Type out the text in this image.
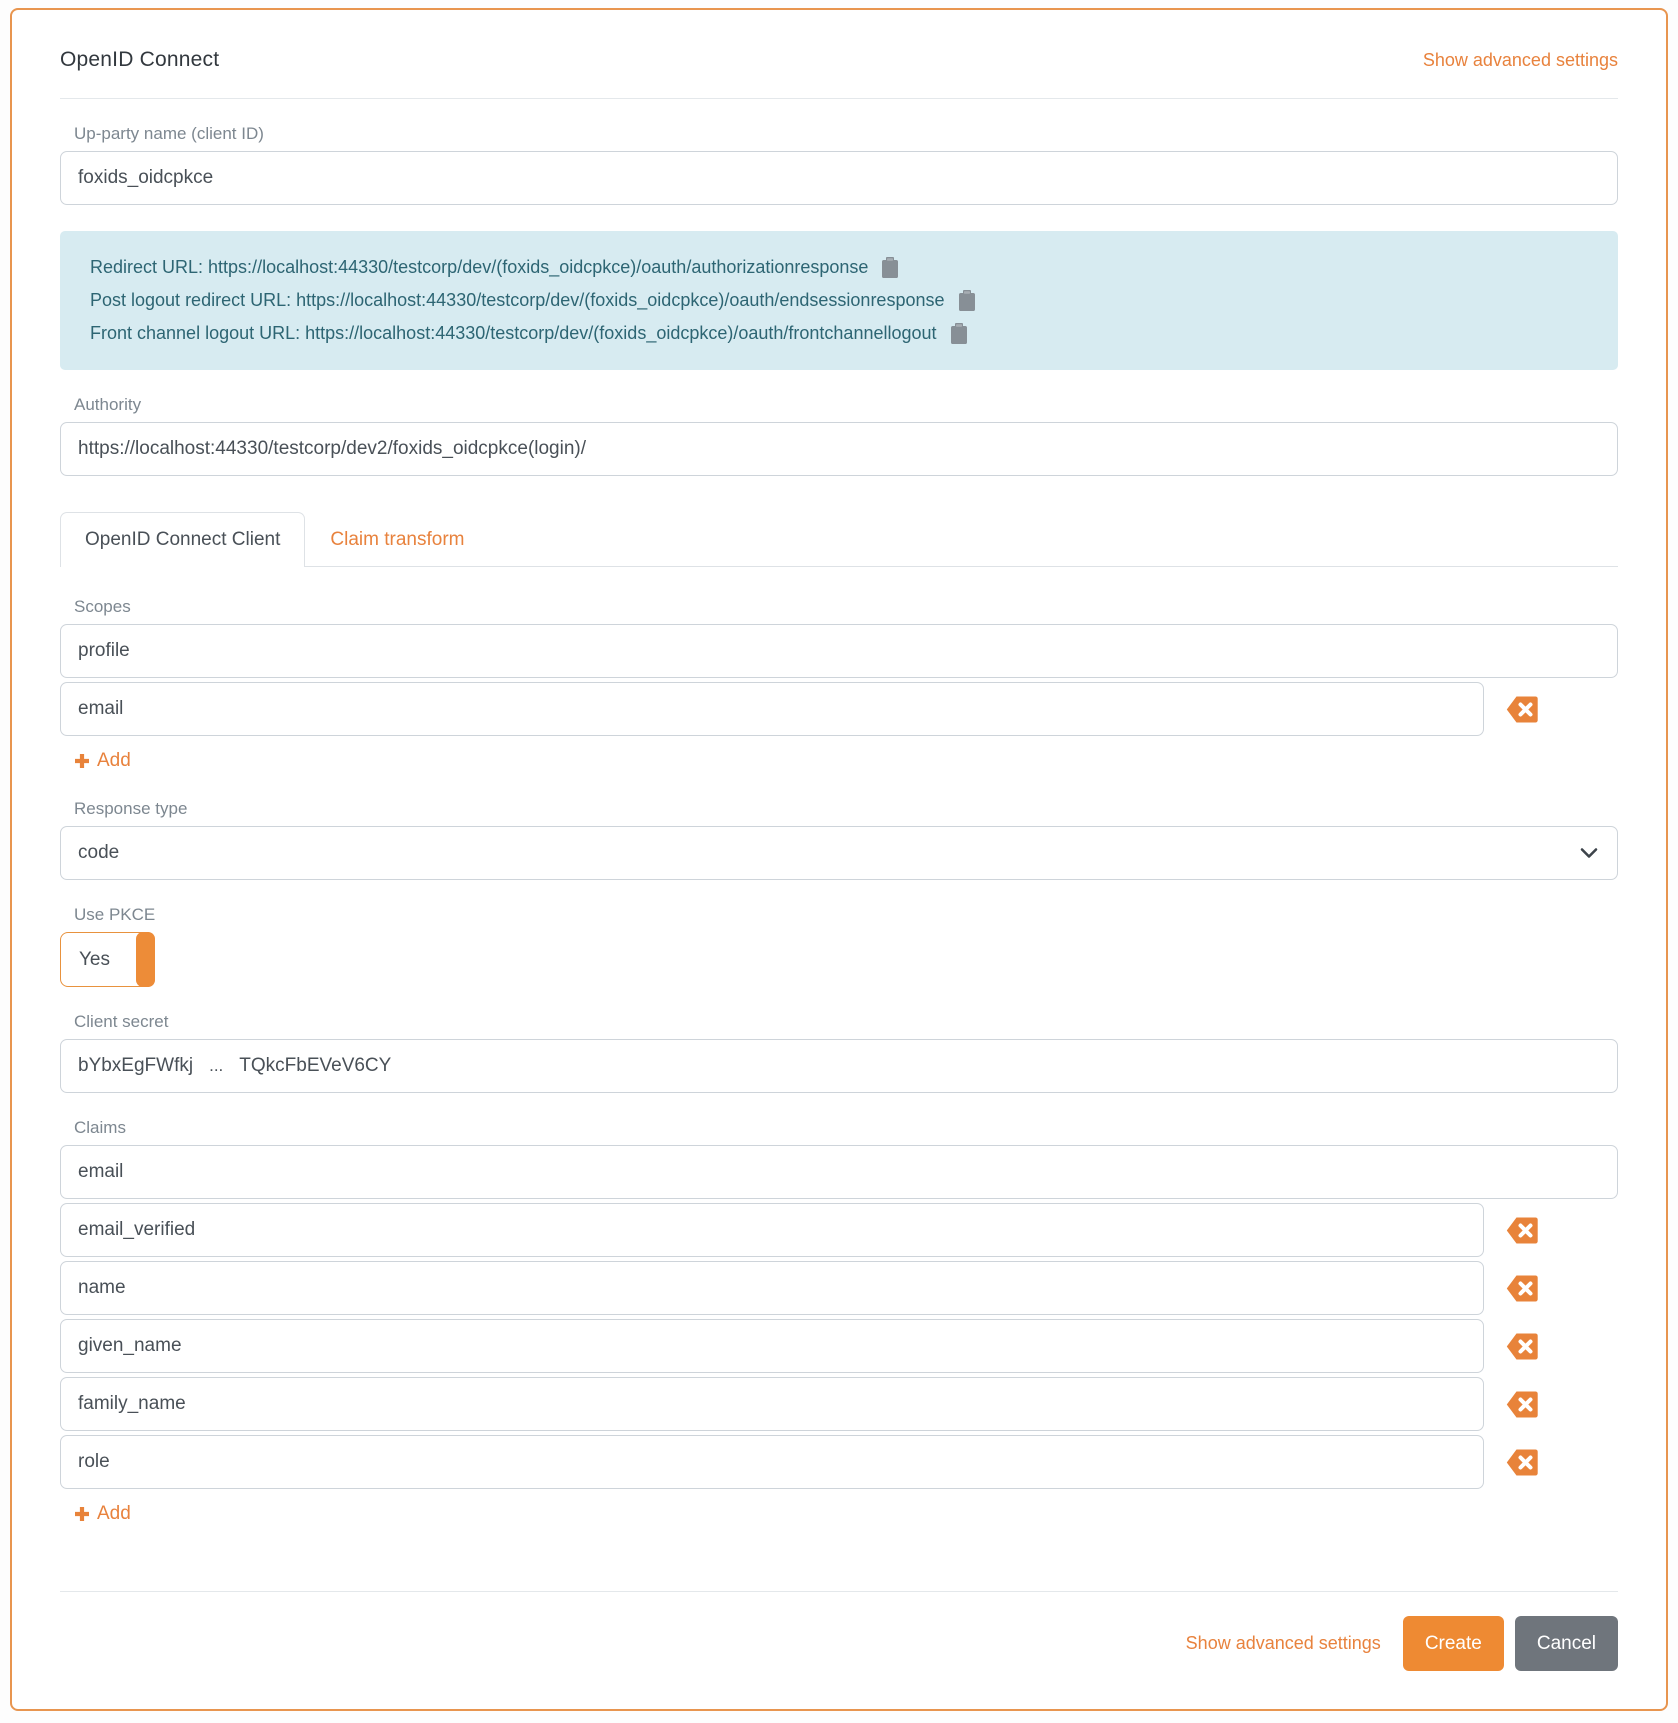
OpenID Connect	Show advanced settings
Up-party name (client ID)
foxids_oidcpkce
Redirect URL: https://localhost:44330/testcorp/dev/(foxids_oidcpkce)/oauth/authorizationresponse
Post logout redirect URL: https://localhost:44330/testcorp/dev/(foxids_oidcpkce)/oauth/endsessionresponse
Front channel logout URL: https://localhost:44330/testcorp/dev/(foxids_oidcpkce)/oauth/frontchannellogout
Authority
https://localhost:44330/testcorp/dev2/foxids_oidcpkce(login)/
OpenID Connect Client	Claim transform
Scopes
profile
email
Add
Response type
code
Use PKCE
Yes
Client secret
bYbxEgFWfkj ... TQkcFbEVeV6CY
Claims
email
email_verified
name
given_name
family_name
role
Add
Show advanced settings	Create	Cancel
